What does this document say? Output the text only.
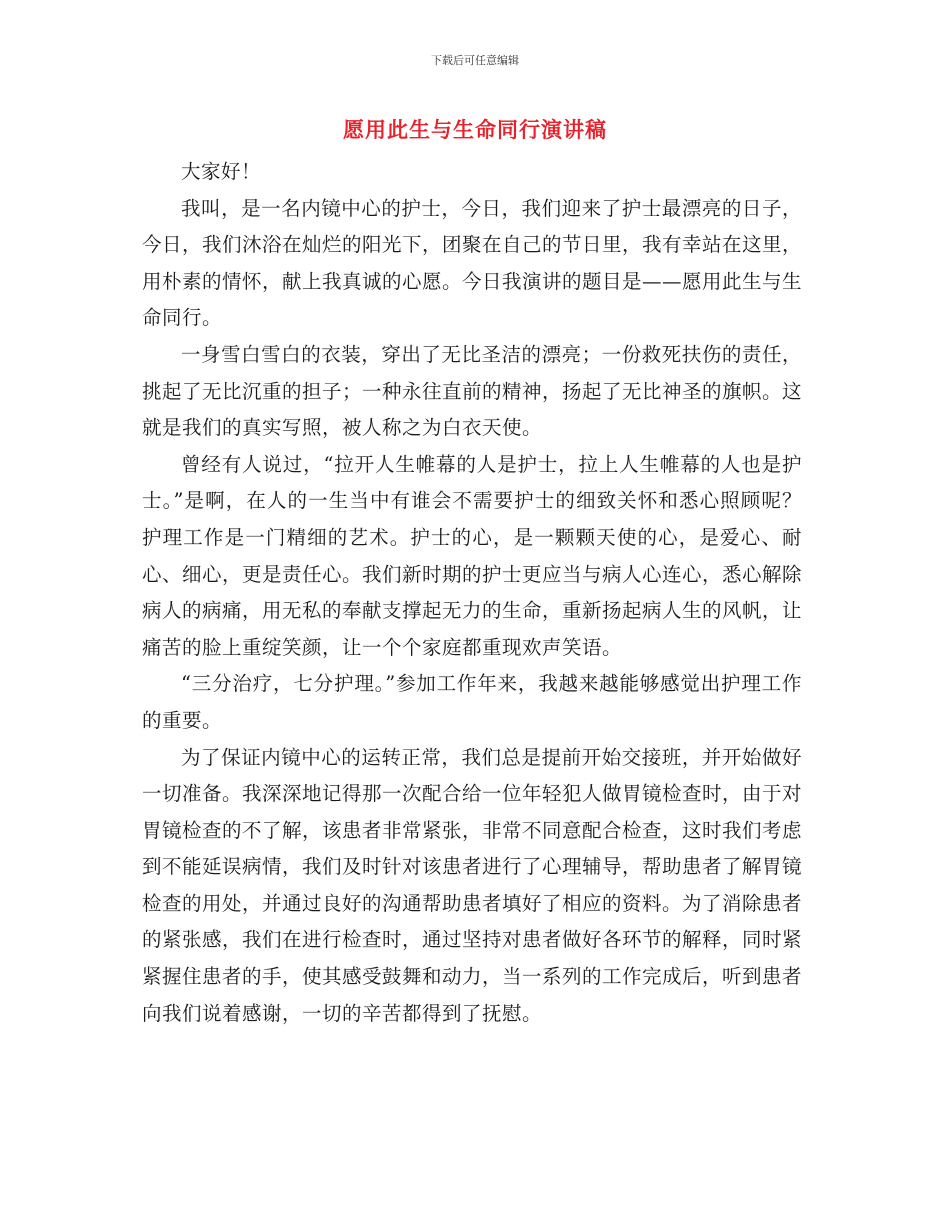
下载后可任意编辑
愿用此生与生命同行演讲稿

大家好！

我叫，是一名内镜中心的护士，今日，我们迎来了护士最漂亮的日子，今日，我们沐浴在灿烂的阳光下，团聚在自己的节日里，我有幸站在这里，用朴素的情怀，献上我真诚的心愿。今日我演讲的题目是——愿用此生与生命同行。

一身雪白雪白的衣装，穿出了无比圣洁的漂亮；一份救死扶伤的责任，挑起了无比沉重的担子；一种永往直前的精神，扬起了无比神圣的旗帜。这就是我们的真实写照，被人称之为白衣天使。

曾经有人说过，“拉开人生帷幕的人是护士，拉上人生帷幕的人也是护士。”是啊，在人的一生当中有谁会不需要护士的细致关怀和悉心照顾呢？护理工作是一门精细的艺术。护士的心，是一颗颗天使的心，是爱心、耐心、细心，更是责任心。我们新时期的护士更应当与病人心连心，悉心解除病人的病痛，用无私的奉献支撑起无力的生命，重新扬起病人生的风帆，让痛苦的脸上重绽笑颜，让一个个家庭都重现欢声笑语。

“三分治疗，七分护理。”参加工作年来，我越来越能够感觉出护理工作的重要。

为了保证内镜中心的运转正常，我们总是提前开始交接班，并开始做好一切准备。我深深地记得那一次配合给一位年轻犯人做胃镜检查时，由于对胃镜检查的不了解，该患者非常紧张，非常不同意配合检查，这时我们考虑到不能延误病情，我们及时针对该患者进行了心理辅导，帮助患者了解胃镜检查的用处，并通过良好的沟通帮助患者填好了相应的资料。为了消除患者的紧张感，我们在进行检查时，通过坚持对患者做好各环节的解释，同时紧紧握住患者的手，使其感受鼓舞和动力，当一系列的工作完成后，听到患者向我们说着感谢，一切的辛苦都得到了抚慰。
